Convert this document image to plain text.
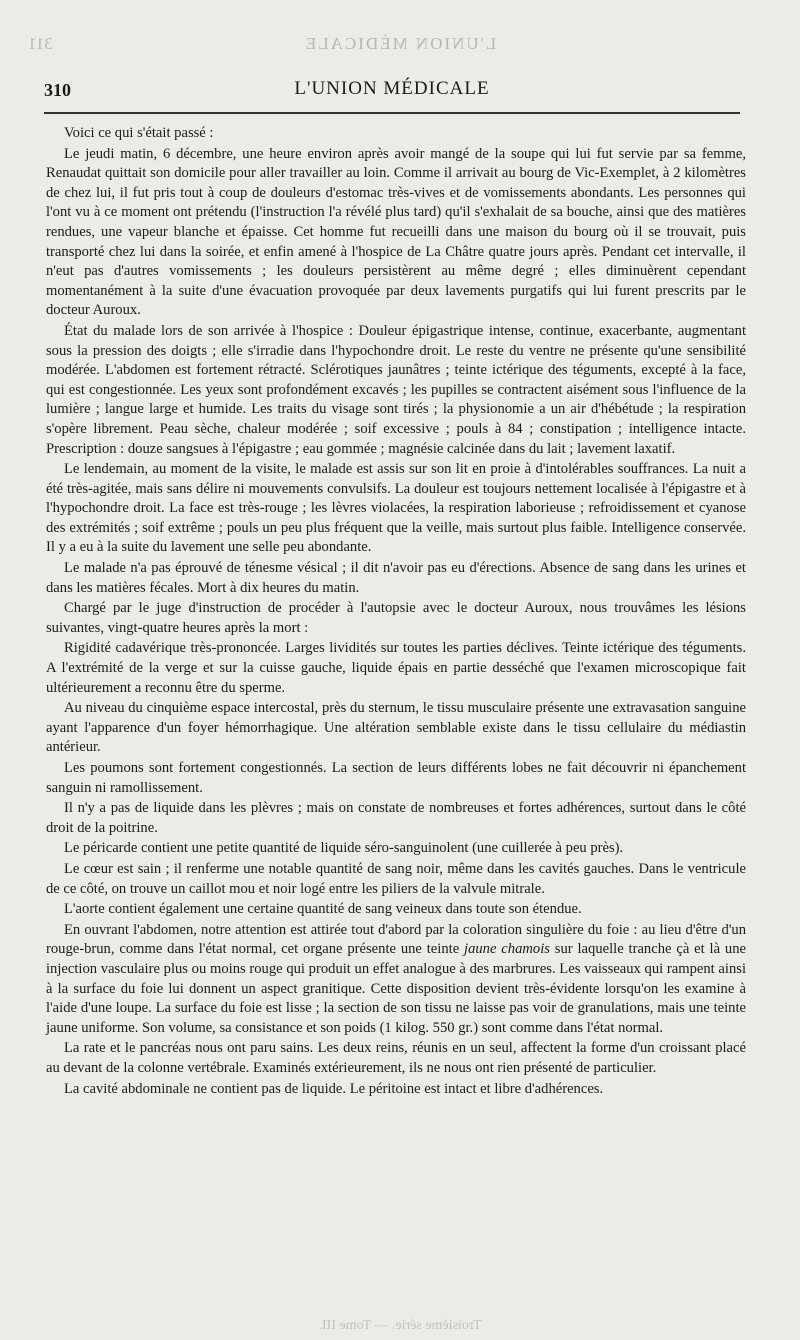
311	L'UNION MÉDICALE
Troisième série. — Tome III.
310	L'UNION MÉDICALE

Voici ce qui s'était passé :

Le jeudi matin, 6 décembre, une heure environ après avoir mangé de la soupe qui lui fut servie par sa femme, Renaudat quittait son domicile pour aller travailler au loin. Comme il arrivait au bourg de Vic-Exemplet, à 2 kilomètres de chez lui, il fut pris tout à coup de douleurs d'estomac très-vives et de vomissements abondants. Les personnes qui l'ont vu à ce moment ont prétendu (l'instruction l'a révélé plus tard) qu'il s'exhalait de sa bouche, ainsi que des matières rendues, une vapeur blanche et épaisse. Cet homme fut recueilli dans une maison du bourg où il se trouvait, puis transporté chez lui dans la soirée, et enfin amené à l'hospice de La Châtre quatre jours après. Pendant cet intervalle, il n'eut pas d'autres vomissements ; les douleurs persistèrent au même degré ; elles diminuèrent cependant momentanément à la suite d'une évacuation provoquée par deux lavements purgatifs qui lui furent prescrits par le docteur Auroux.

État du malade lors de son arrivée à l'hospice : Douleur épigastrique intense, continue, exacerbante, augmentant sous la pression des doigts ; elle s'irradie dans l'hypochondre droit. Le reste du ventre ne présente qu'une sensibilité modérée. L'abdomen est fortement rétracté. Sclérotiques jaunâtres ; teinte ictérique des téguments, excepté à la face, qui est congestionnée. Les yeux sont profondément excavés ; les pupilles se contractent aisément sous l'influence de la lumière ; langue large et humide. Les traits du visage sont tirés ; la physionomie a un air d'hébétude ; la respiration s'opère librement. Peau sèche, chaleur modérée ; soif excessive ; pouls à 84 ; constipation ; intelligence intacte. Prescription : douze sangsues à l'épigastre ; eau gommée ; magnésie calcinée dans du lait ; lavement laxatif.

Le lendemain, au moment de la visite, le malade est assis sur son lit en proie à d'intolérables souffrances. La nuit a été très-agitée, mais sans délire ni mouvements convulsifs. La douleur est toujours nettement localisée à l'épigastre et à l'hypochondre droit. La face est très-rouge ; les lèvres violacées, la respiration laborieuse ; refroidissement et cyanose des extrémités ; soif extrême ; pouls un peu plus fréquent que la veille, mais surtout plus faible. Intelligence conservée. Il y a eu à la suite du lavement une selle peu abondante.

Le malade n'a pas éprouvé de ténesme vésical ; il dit n'avoir pas eu d'érections. Absence de sang dans les urines et dans les matières fécales. Mort à dix heures du matin.

Chargé par le juge d'instruction de procéder à l'autopsie avec le docteur Auroux, nous trouvâmes les lésions suivantes, vingt-quatre heures après la mort :

Rigidité cadavérique très-prononcée. Larges lividités sur toutes les parties déclives. Teinte ictérique des téguments. A l'extrémité de la verge et sur la cuisse gauche, liquide épais en partie desséché que l'examen microscopique fait ultérieurement a reconnu être du sperme.

Au niveau du cinquième espace intercostal, près du sternum, le tissu musculaire présente une extravasation sanguine ayant l'apparence d'un foyer hémorrhagique. Une altération semblable existe dans le tissu cellulaire du médiastin antérieur.

Les poumons sont fortement congestionnés. La section de leurs différents lobes ne fait découvrir ni épanchement sanguin ni ramollissement.

Il n'y a pas de liquide dans les plèvres ; mais on constate de nombreuses et fortes adhérences, surtout dans le côté droit de la poitrine.

Le péricarde contient une petite quantité de liquide séro-sanguinolent (une cuillerée à peu près).

Le cœur est sain ; il renferme une notable quantité de sang noir, même dans les cavités gauches. Dans le ventricule de ce côté, on trouve un caillot mou et noir logé entre les piliers de la valvule mitrale.

L'aorte contient également une certaine quantité de sang veineux dans toute son étendue.

En ouvrant l'abdomen, notre attention est attirée tout d'abord par la coloration singulière du foie : au lieu d'être d'un rouge-brun, comme dans l'état normal, cet organe présente une teinte jaune chamois sur laquelle tranche çà et là une injection vasculaire plus ou moins rouge qui produit un effet analogue à des marbrures. Les vaisseaux qui rampent ainsi à la surface du foie lui donnent un aspect granitique. Cette disposition devient très-évidente lorsqu'on les examine à l'aide d'une loupe. La surface du foie est lisse ; la section de son tissu ne laisse pas voir de granulations, mais une teinte jaune uniforme. Son volume, sa consistance et son poids (1 kilog. 550 gr.) sont comme dans l'état normal.

La rate et le pancréas nous ont paru sains. Les deux reins, réunis en un seul, affectent la forme d'un croissant placé au devant de la colonne vertébrale. Examinés extérieurement, ils ne nous ont rien présenté de particulier.

La cavité abdominale ne contient pas de liquide. Le péritoine est intact et libre d'adhérences.
